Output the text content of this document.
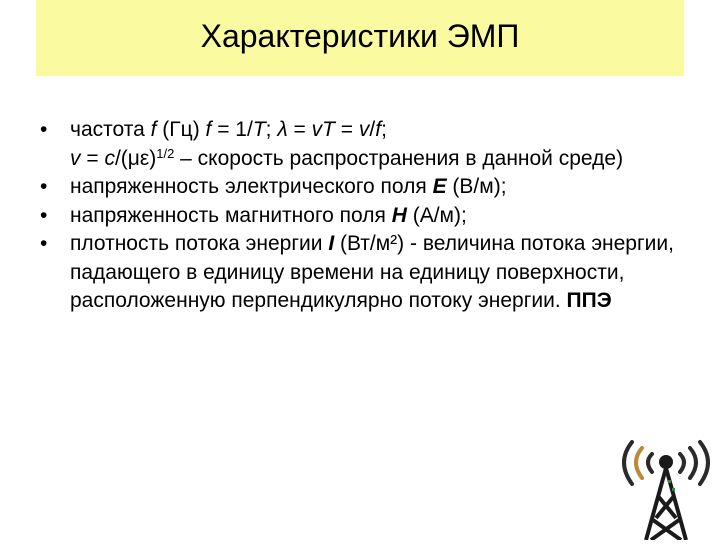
Характеристики ЭМП
• частота f (Гц) f = 1/T; λ = vT = v/f;
$v = c/(\mu\varepsilon)^{1/2}$ – скорость распространения в данной среде)
• напряженность электрического поля E (В/м);
• напряженность магнитного поля H (А/м);
• плотность потока энергии I (Вт/м²) - величина потока энергии, падающего в единицу времени на единицу поверхности, расположенную перпендикулярно потоку энергии. ППЭ
